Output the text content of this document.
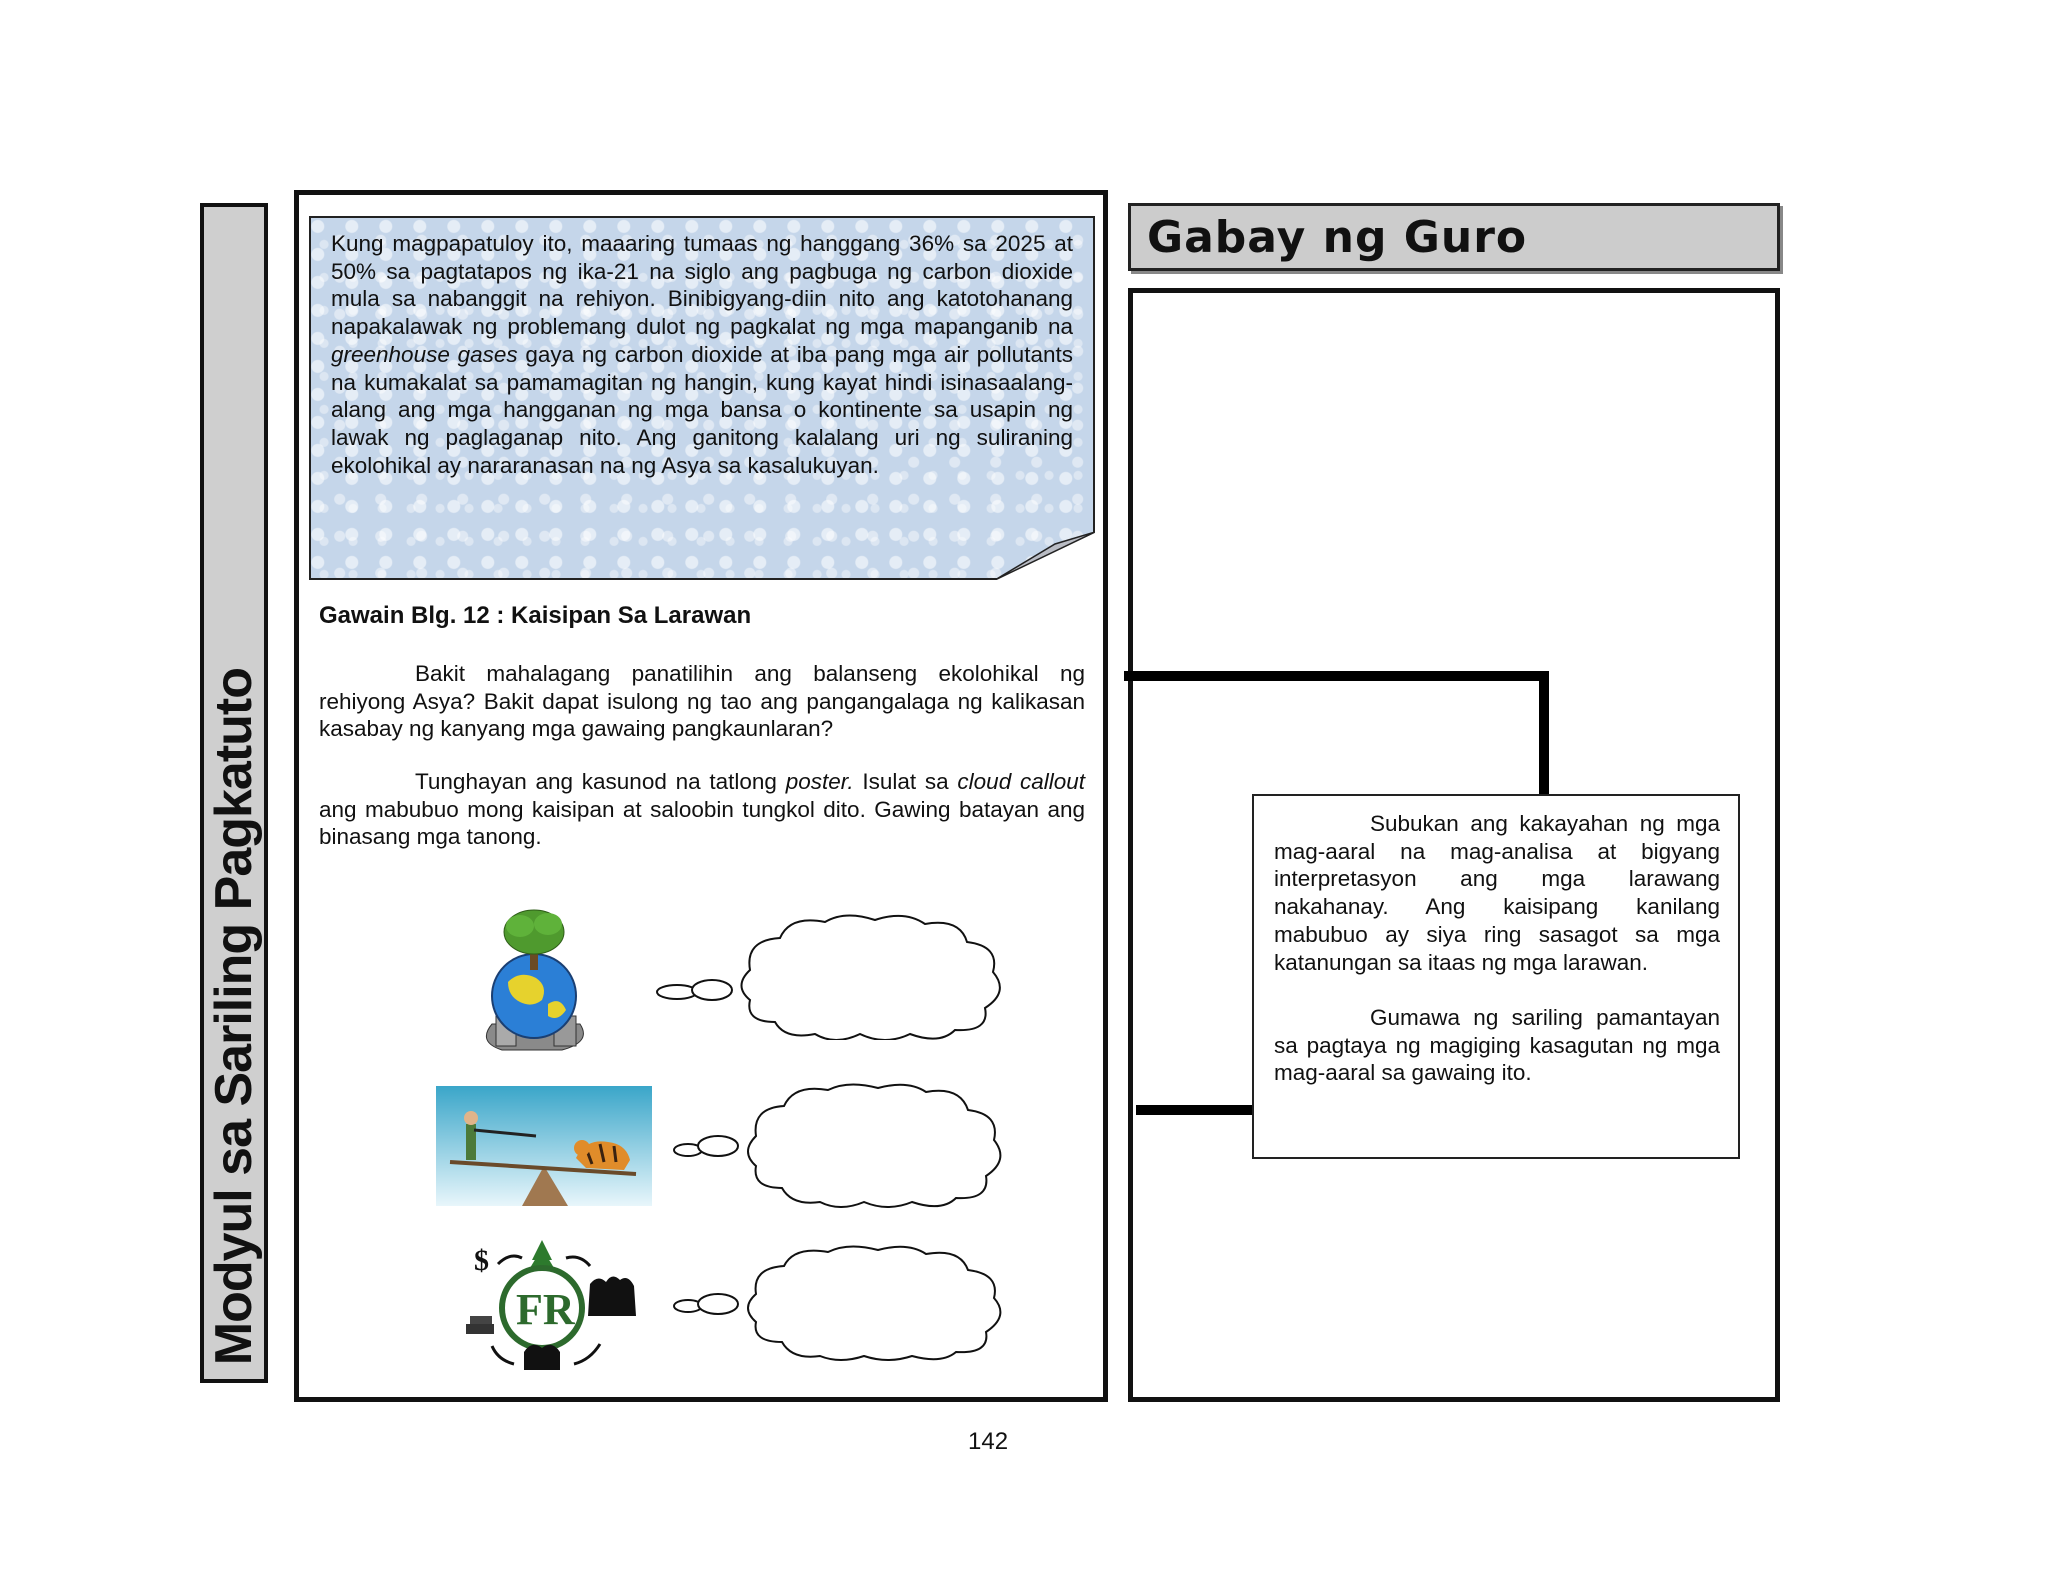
Modyul sa Sariling Pagkatuto
Kung magpapatuloy ito, maaaring tumaas ng hanggang 36% sa 2025 at 50% sa pagtatapos ng ika-21 na siglo ang pagbuga ng carbon dioxide mula sa nabanggit na rehiyon. Binibigyang-diin nito ang katotohanang napakalawak ng problemang dulot ng pagkalat ng mga mapanganib na greenhouse gases gaya ng carbon dioxide at iba pang mga air pollutants na kumakalat sa pamamagitan ng hangin, kung kayat hindi isinasaalang-alang ang mga hangganan ng mga bansa o kontinente sa usapin ng lawak ng paglaganap nito. Ang ganitong kalalang uri ng suliraning ekolohikal ay nararanasan na ng Asya sa kasalukuyan.
Gawain Blg. 12 : Kaisipan Sa Larawan
Bakit mahalagang panatilihin ang balanseng ekolohikal ng rehiyong Asya? Bakit dapat isulong ng tao ang pangangalaga ng kalikasan kasabay ng kanyang mga gawaing pangkaunlaran?
Tunghayan ang kasunod na tatlong poster. Isulat sa cloud callout ang mabubuo mong kaisipan at saloobin tungkol dito. Gawing batayan ang binasang mga tanong.
$
FR
142
Gabay ng Guro
Subukan ang kakayahan ng mga mag-aaral na mag-analisa at bigyang interpretasyon ang mga larawang nakahanay. Ang kaisipang kanilang mabubuo ay siya ring sasagot sa mga katanungan sa itaas ng mga larawan.

Gumawa ng sariling pamantayan sa pagtaya ng magiging kasagutan ng mga mag-aaral sa gawaing ito.
